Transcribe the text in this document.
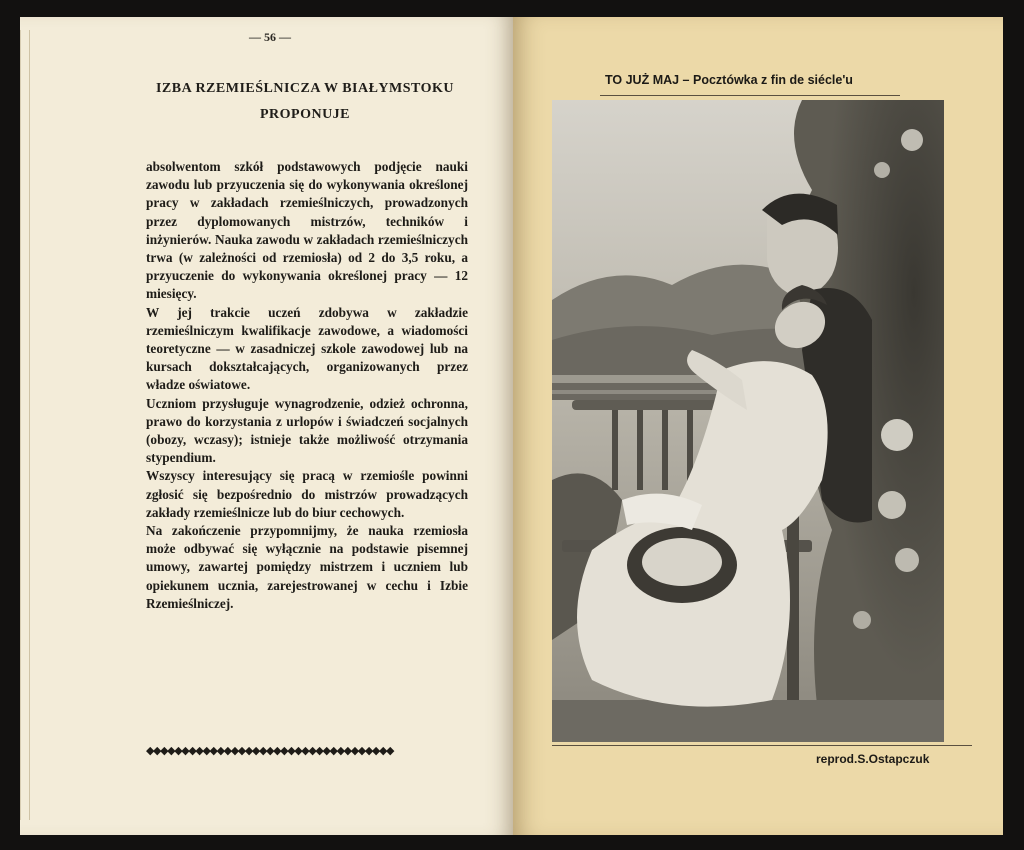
— 56 —
IZBA RZEMIEŚLNICZA W BIAŁYMSTOKU
PROPONUJE

absolwentom szkół podstawowych podjęcie nauki zawodu lub przyuczenia się do wykonywania określonej pracy w zakładach rzemieślniczych, prowadzonych przez dyplomowanych mistrzów, techników i inżynierów. Nauka zawodu w zakładach rzemieślniczych trwa (w zależności od rzemiosła) od 2 do 3,5 roku, a przyuczenie do wykonywania określonej pracy — 12 miesięcy.

W jej trakcie uczeń zdobywa w zakładzie rzemieślniczym kwalifikacje zawodowe, a wiadomości teoretyczne — w zasadniczej szkole zawodowej lub na kursach dokształcających, organizowanych przez władze oświatowe.

Uczniom przysługuje wynagrodzenie, odzież ochronna, prawo do korzystania z urlopów i świadczeń socjalnych (obozy, wczasy); istnieje także możliwość otrzymania stypendium.

Wszyscy interesujący się pracą w rzemiośle powinni zgłosić się bezpośrednio do mistrzów prowadzących zakłady rzemieślnicze lub do biur cechowych.

Na zakończenie przypomnijmy, że nauka rzemiosła może odbywać się wyłącznie na podstawie pisemnej umowy, zawartej pomiędzy mistrzem i uczniem lub opiekunem ucznia, zarejestrowanej w cechu i Izbie Rzemieślniczej.

◆◆◆◆◆◆◆◆◆◆◆◆◆◆◆◆◆◆◆◆◆◆◆◆◆◆◆◆◆◆◆◆◆◆◆
TO JUŻ MAJ – Pocztówka z fin de siécle'u
reprod.S.Ostapczuk
